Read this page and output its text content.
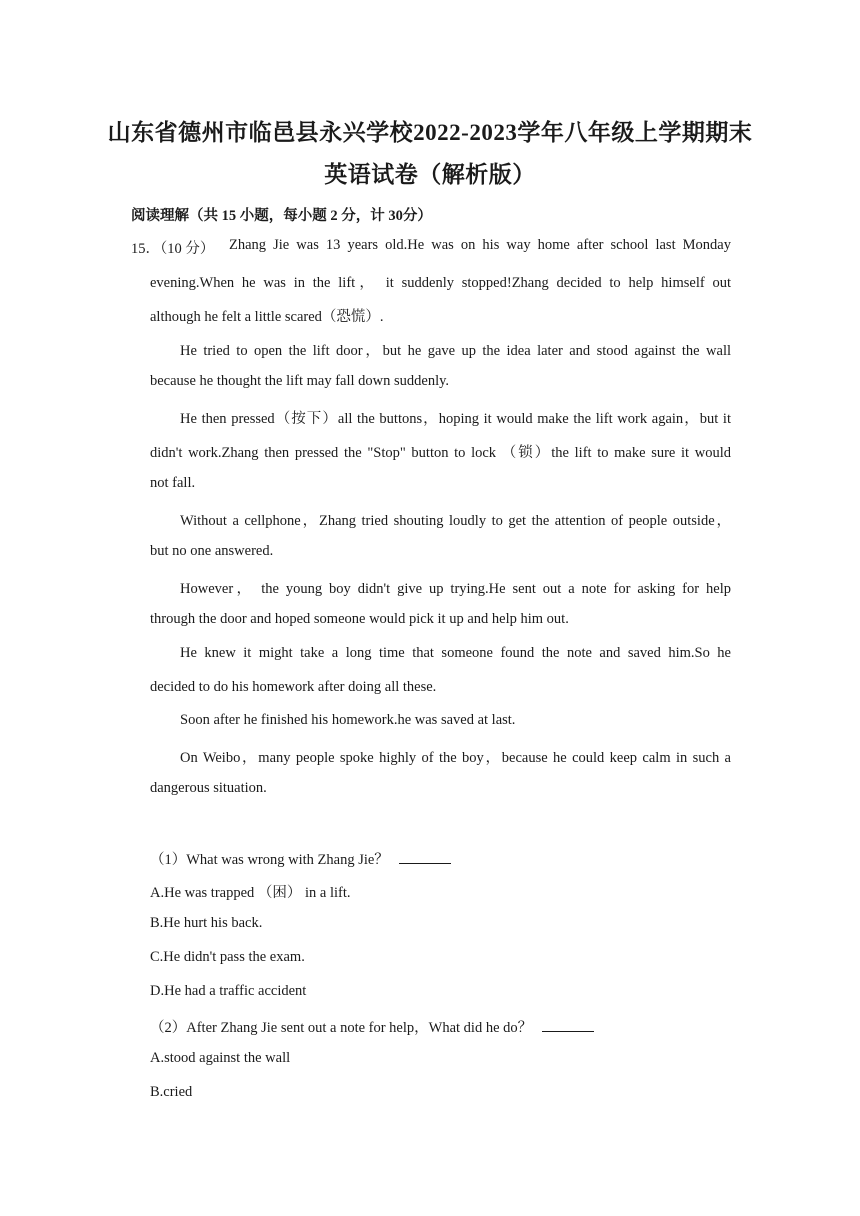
山东省德州市临邑县永兴学校2022-2023学年八年级上学期期末
英语试卷（解析版）
阅读理解（共 15 小题，每小题 2 分，计 30分）
15．（10 分） Zhang Jie was 13 years old.He was on his way home after school last Monday
evening.When he was in the lift， it suddenly stopped!Zhang decided to help himself out
although he felt a little scared（恐慌）.
He tried to open the lift door，but he gave up the idea later and stood against the wall
because he thought the lift may fall down suddenly.
He then pressed（按下）all the buttons，hoping it would make the lift work again，but it
didn't work.Zhang then pressed the "Stop" button to lock （锁）the lift to make sure it would
not fall.
Without a cellphone，Zhang tried shouting loudly to get the attention of people outside，
but no one answered.
However， the young boy didn't give up trying.He sent out a note for asking for help
through the door and hoped someone would pick it up and help him out.
He knew it might take a long time that someone found the note and saved him.So he
decided to do his homework after doing all these.
Soon after he finished his homework.he was saved at last.
On Weibo，many people spoke highly of the boy，because he could keep calm in such a
dangerous situation.
（1）What was wrong with Zhang Jie？
A.He was trapped （困） in a lift.
B.He hurt his back.
C.He didn't pass the exam.
D.He had a traffic accident
（2）After Zhang Jie sent out a note for help，What did he do？
A.stood against the wall
B.cried
